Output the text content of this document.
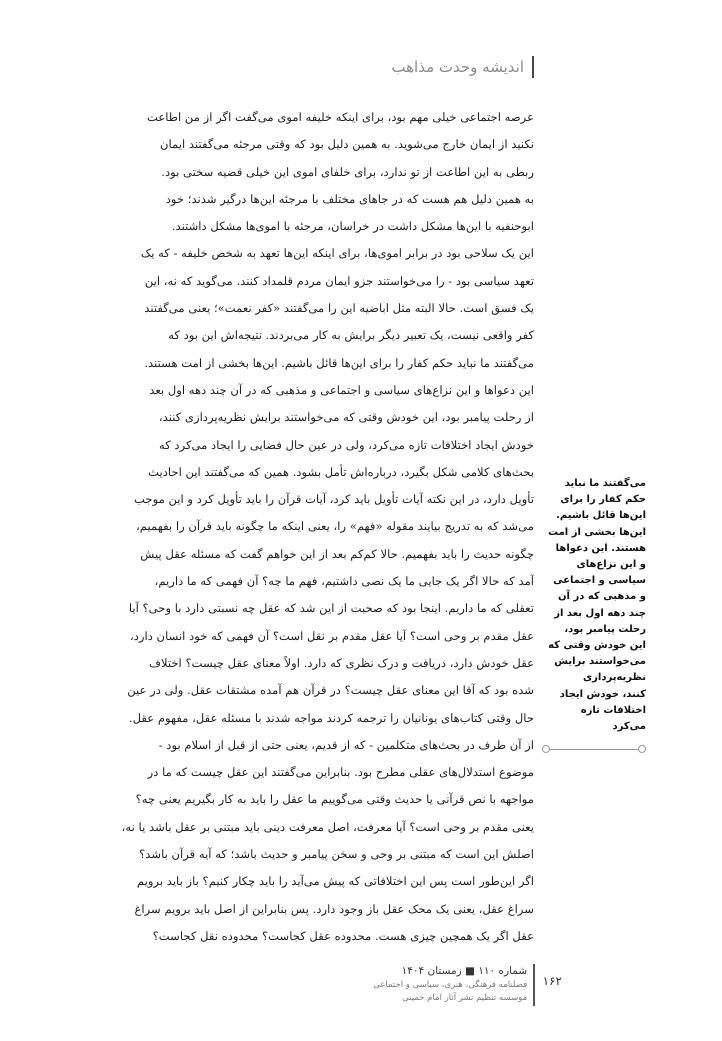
اندیشه وحدت مذاهب
عرصه اجتماعی خیلی مهم بود، برای اینکه خلیفه اموی می‌گفت اگر از من اطاعت
نکنید از ایمان خارج می‌شوید. به همین دلیل بود که وقتی مرجئه می‌گفتند ایمان
ربطی به این اطاعت از تو ندارد، برای خلفای اموی این خیلی قضیه سختی بود.
به همین دلیل هم هست که در جاهای مختلف با مرجئه این‌ها درگیر شدند؛ خود
ابوحنفیه با این‌ها مشکل داشت در خراسان، مرجئه با اموی‌ها مشکل داشتند.
این یک سلاحی بود در برابر اموی‌ها، برای اینکه این‌ها تعهد به شخص خلیفه - که یک
تعهد سیاسی بود - را می‌خواستند جزو ایمان مردم قلمداد کنند. می‌گوید که نه، این
یک فسق است. حالا البته مثل اباضیه این را می‌گفتند «کفر نعمت»؛ یعنی می‌گفتند
کفر واقعی نیست، یک تعبیر دیگر برایش به کار می‌بردند. نتیجه‌اش این بود که
می‌گفتند ما نباید حکم کفار را برای این‌ها قائل باشیم. این‌ها بخشی از امت هستند.
این دعواها و این نزاع‌های سیاسی و اجتماعی و مذهبی که در آن چند دهه اول بعد
از رحلت پیامبر بود، این خودش وقتی که می‌خواستند برایش نظریه‌پردازی کنند،
خودش ایجاد اختلافات تازه می‌کرد، ولی در عین حال فضایی را ایجاد می‌کرد که
بحث‌های کلامی شکل بگیرد، درباره‌اش تأمل بشود. همین که می‌گفتند این احادیث
تأویل دارد، در این نکته آیات تأویل باید کرد، آیات قرآن را باید تأویل کرد و این موجب
می‌شد که به تدریج بیایند مقوله «فهم» را، یعنی اینکه ما چگونه باید قرآن را بفهمیم،
چگونه حدیث را باید بفهمیم. حالا کم‌کم بعد از این خواهم گفت که مسئله عقل پیش
آمد که حالا اگر یک جایی ما یک نصی داشتیم، فهم ما چه؟ آن فهمی که ما داریم،
تعقلی که ما داریم. اینجا بود که صحبت از این شد که عقل چه نسبتی دارد با وحی؟ آیا
عقل مقدم بر وحی است؟ آیا عقل مقدم بر نقل است؟ آن فهمی که خود انسان دارد،
عقل خودش دارد، دریافت و درک نظری که دارد. اولاً معنای عقل چیست؟ اختلاف
شده بود که آقا این معنای عقل چیست؟ در قرآن هم آمده مشتقات عقل. ولی در عین
حال وقتی کتاب‌های یونانیان را ترجمه کردند مواجه شدند با مسئله عقل، مفهوم عقل.
از آن طرف در بحث‌های متکلمین - که از قدیم، یعنی حتی از قبل از اسلام بود -
موضوع استدلال‌های عقلی مطرح بود. بنابراین می‌گفتند این عقل چیست که ما در
مواجهه با نص قرآنی یا حدیث وقتی می‌گوییم ما عقل را باید به کار بگیریم یعنی چه؟
یعنی مقدم بر وحی است؟ آیا معرفت، اصل معرفت دینی باید مبتنی بر عقل باشد یا نه،
اصلش این است که مبتنی بر وحی و سخن پیامبر و حدیث باشد؛ که آیه قرآن باشد؟
اگر این‌طور است پس این اختلافاتی که پیش می‌آید را باید چکار کنیم؟ باز باید برویم
سراغ عقل، یعنی یک محک عقل باز وجود دارد. پس بنابراین از اصل باید برویم سراغ
عقل اگر یک همچین چیزی هست. محدوده عقل کجاست؟ محدوده نقل کجاست؟
می‌گفتند ما نباید
حکم کفار را برای
این‌ها قائل باشیم.
این‌ها بخشی از امت
هستند. این دعواها
و این نزاع‌های
سیاسی و اجتماعی
و مذهبی که در آن
چند دهه اول بعد از
رحلت پیامبر بود،
این خودش وقتی که
می‌خواستند برایش
نظریه‌پردازی
کنند، خودش ایجاد
اختلافات تازه
می‌کرد
۱۶۲
شماره ۱۱۰ ■ زمستان ۱۴۰۴
فصلنامه فرهنگی، هنری، سیاسی و اجتماعی
موسسه تنظیم نشر آثار امام خمینی
